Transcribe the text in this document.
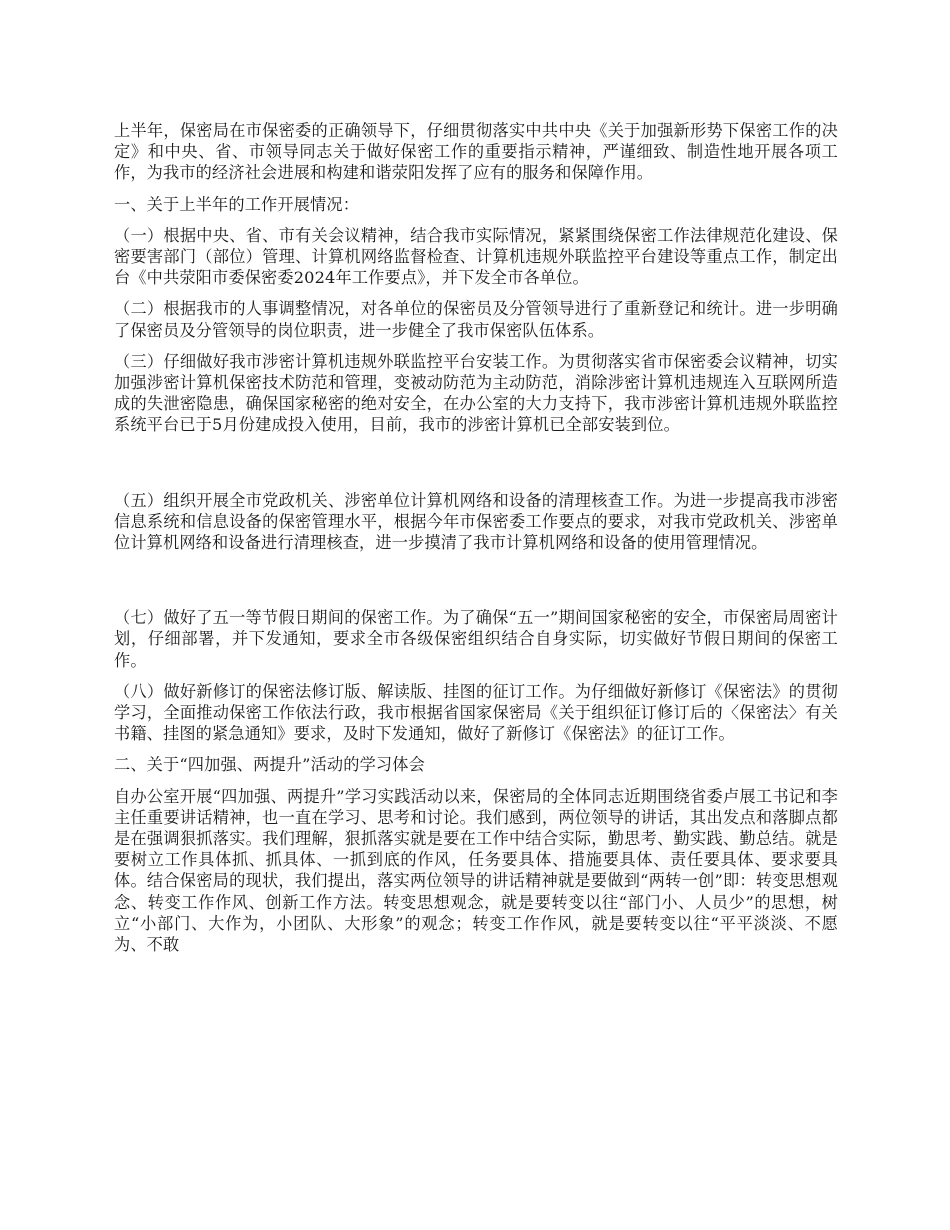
上半年，保密局在市保密委的正确领导下，仔细贯彻落实中共中央《关于加强新形势下保密工作的决定》和中央、省、市领导同志关于做好保密工作的重要指示精神，严谨细致、制造性地开展各项工作，为我市的经济社会进展和构建和谐荥阳发挥了应有的服务和保障作用。

一、关于上半年的工作开展情况：

（一）根据中央、省、市有关会议精神，结合我市实际情况，紧紧围绕保密工作法律规范化建设、保密要害部门（部位）管理、计算机网络监督检查、计算机违规外联监控平台建设等重点工作，制定出台《中共荥阳市委保密委2024年工作要点》，并下发全市各单位。

（二）根据我市的人事调整情况，对各单位的保密员及分管领导进行了重新登记和统计。进一步明确了保密员及分管领导的岗位职责，进一步健全了我市保密队伍体系。

（三）仔细做好我市涉密计算机违规外联监控平台安装工作。为贯彻落实省市保密委会议精神，切实加强涉密计算机保密技术防范和管理，变被动防范为主动防范，消除涉密计算机违规连入互联网所造成的失泄密隐患，确保国家秘密的绝对安全，在办公室的大力支持下，我市涉密计算机违规外联监控系统平台已于5月份建成投入使用，目前，我市的涉密计算机已全部安装到位。

（五）组织开展全市党政机关、涉密单位计算机网络和设备的清理核查工作。为进一步提高我市涉密信息系统和信息设备的保密管理水平，根据今年市保密委工作要点的要求，对我市党政机关、涉密单位计算机网络和设备进行清理核查，进一步摸清了我市计算机网络和设备的使用管理情况。

（七）做好了五一等节假日期间的保密工作。为了确保“五一”期间国家秘密的安全，市保密局周密计划，仔细部署，并下发通知，要求全市各级保密组织结合自身实际，切实做好节假日期间的保密工作。

（八）做好新修订的保密法修订版、解读版、挂图的征订工作。为仔细做好新修订《保密法》的贯彻学习，全面推动保密工作依法行政，我市根据省国家保密局《关于组织征订修订后的〈保密法〉有关书籍、挂图的紧急通知》要求，及时下发通知，做好了新修订《保密法》的征订工作。

二、关于“四加强、两提升”活动的学习体会

自办公室开展“四加强、两提升”学习实践活动以来，保密局的全体同志近期围绕省委卢展工书记和李主任重要讲话精神，也一直在学习、思考和讨论。我们感到，两位领导的讲话，其出发点和落脚点都是在强调狠抓落实。我们理解，狠抓落实就是要在工作中结合实际，勤思考、勤实践、勤总结。就是要树立工作具体抓、抓具体、一抓到底的作风，任务要具体、措施要具体、责任要具体、要求要具体。结合保密局的现状，我们提出，落实两位领导的讲话精神就是要做到“两转一创”即：转变思想观念、转变工作作风、创新工作方法。转变思想观念，就是要转变以往“部门小、人员少”的思想，树立“小部门、大作为，小团队、大形象”的观念；转变工作作风，就是要转变以往“平平淡淡、不愿为、不敢
